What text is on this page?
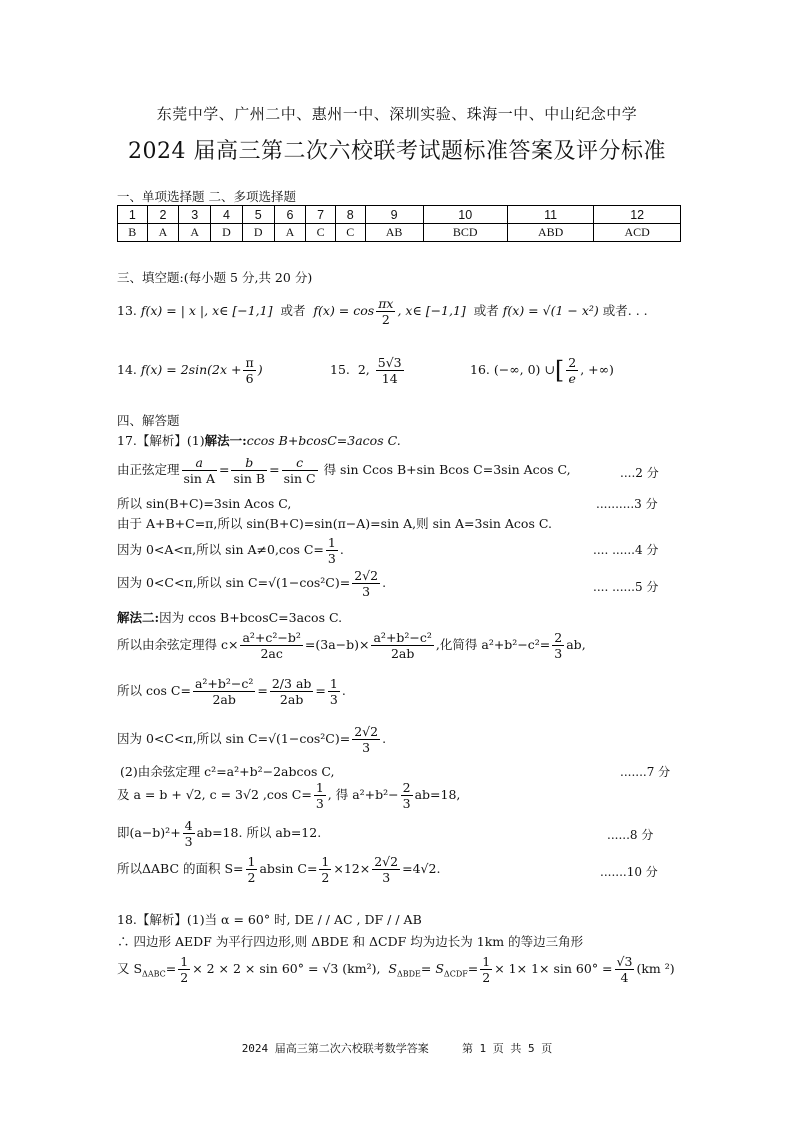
东莞中学、广州二中、惠州一中、深圳实验、珠海一中、中山纪念中学
2024 届高三第二次六校联考试题标准答案及评分标准
一、单项选择题 二、多项选择题
1	2	3	4	5	6	7	8	9	10	11	12
B	A	A	D	D	A	C	C	AB	BCD	ABD	ACD
三、填空题:(每小题 5 分,共 20 分)
13. f(x) = | x |, x∈ [−1,1] 或者 $f(x) = \cos \frac{\pi x}{2}$ , x∈ [−1,1] 或者 f(x) = √(1 − x²) 或者. . .
14. $f(x) = 2\sin(2x + \frac{\pi}{6}$ )	15. 2, $\frac{5√3}{14}$	16. (−∞, 0) ∪[ $\frac{2}{e}$ , +∞)
四、解答题
17.【解析】(1)解法一:ccos B+bcosC=3acos C.
由正弦定理 $\frac{a}{\text{sin A}} = \frac{b}{\text{sin B}} = \frac{c}{\text{sin C}}$ 得 sin Ccos B+sin Bcos C=3sin Acos C,	....2 分
所以 sin(B+C)=3sin Acos C,	..........3 分
由于 A+B+C=π,所以 sin(B+C)=sin(π−A)=sin A,则 sin A=3sin Acos C.
因为 0<A<π,所以 sin A≠0,cos $C= \frac{1}{3}$ .	.... ......4 分
因为 0<C<π,所以 $\sin C=√(1-\cos^2C)= \frac{2√2}{3}$ .	.... ......5 分
解法二:因为 ccos B+bcosC=3acos C.
所以由余弦定理得 $c\times \frac{\text{a²+c²−b²}}{2ac} =(3a-b)\times \frac{\text{a²+b²−c²}}{2ab}$ ,化简得 $a^2+b^2-c^2= \frac{2}{3}$ ab,
所以 $\cos C= \frac{\text{a²+b²−c²}}{2ab} = \frac{2/3 ab}{2ab} = \frac{1}{3}$ .
因为 0<C<π,所以 $\sin C=√(1-\cos^2C)= \frac{2√2}{3}$ .
(2)由余弦定理 c²=a²+b²−2abcos C,	.......7 分
及 a = b + √2, c = 3√2 ,cos $C= \frac{1}{3}$ , 得 $a^2+b^2- \frac{2}{3} ab=18$,
即$(a-b)^2+ \frac{4}{3} ab=18$. 所以 ab=12.	......8 分
所以ΔABC 的面积 $S= \frac{1}{2}$ absin $C= \frac{1}{2} \times 12\times \frac{2√2}{3} =4√2$.	.......10 分
18.【解析】(1)当 α = 60° 时, DE / / AC , DF / / AB
∴ 四边形 AEDF 为平行四边形,则 ΔBDE 和 ΔCDF 均为边长为 1km 的等边三角形
又 $S_{\Delta ABC}= \frac{1}{2} \times 2 \times 2 \times \sin 60^\circ = √3$ (km²), $S_{\Delta BDE}= S_{\Delta CDF}= \frac{1}{2} \times 1\times 1\times \sin 60^\circ = \frac{√3}{4} (km$ ²)
2024 届高三第二次六校联考数学答案	第 1 页 共 5 页
